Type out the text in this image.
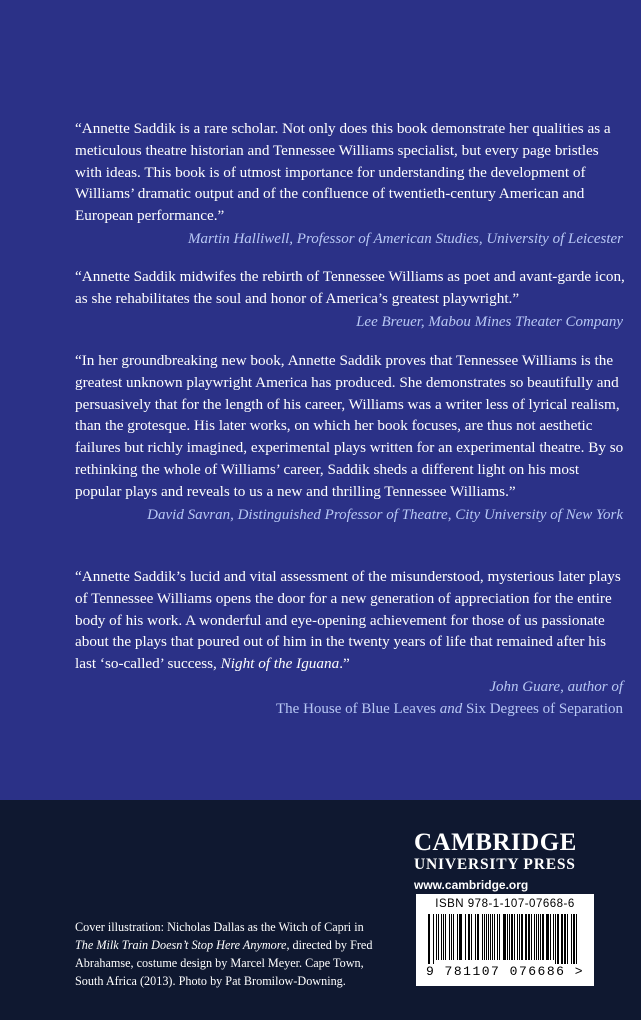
“Annette Saddik is a rare scholar. Not only does this book demonstrate her qualities as a meticulous theatre historian and Tennessee Williams specialist, but every page bristles with ideas. This book is of utmost importance for understanding the development of Williams’ dramatic output and of the confluence of twentieth-century American and European performance.”

Martin Halliwell, Professor of American Studies, University of Leicester

“Annette Saddik midwifes the rebirth of Tennessee Williams as poet and avant-garde icon, as she rehabilitates the soul and honor of America’s greatest playwright.”

Lee Breuer, Mabou Mines Theater Company

“In her groundbreaking new book, Annette Saddik proves that Tennessee Williams is the greatest unknown playwright America has produced. She demonstrates so beautifully and persuasively that for the length of his career, Williams was a writer less of lyrical realism, than the grotesque. His later works, on which her book focuses, are thus not aesthetic failures but richly imagined, experimental plays written for an experimental theatre. By so rethinking the whole of Williams’ career, Saddik sheds a different light on his most popular plays and reveals to us a new and thrilling Tennessee Williams.”

David Savran, Distinguished Professor of Theatre, City University of New York

“Annette Saddik’s lucid and vital assessment of the misunderstood, mysterious later plays of Tennessee Williams opens the door for a new generation of appreciation for the entire body of his work. A wonderful and eye-opening achievement for those of us passionate about the plays that poured out of him in the twenty years of life that remained after his last ‘so-called’ success, Night of the Iguana.”

John Guare, author of
The House of Blue Leaves and Six Degrees of Separation
Cover illustration: Nicholas Dallas as the Witch of Capri in The Milk Train Doesn’t Stop Here Anymore, directed by Fred Abrahamse, costume design by Marcel Meyer. Cape Town, South Africa (2013). Photo by Pat Bromilow-Downing.
CAMBRIDGE
UNIVERSITY PRESS
www.cambridge.org
ISBN 978-1-107-07668-6
9 781107 076686 >
